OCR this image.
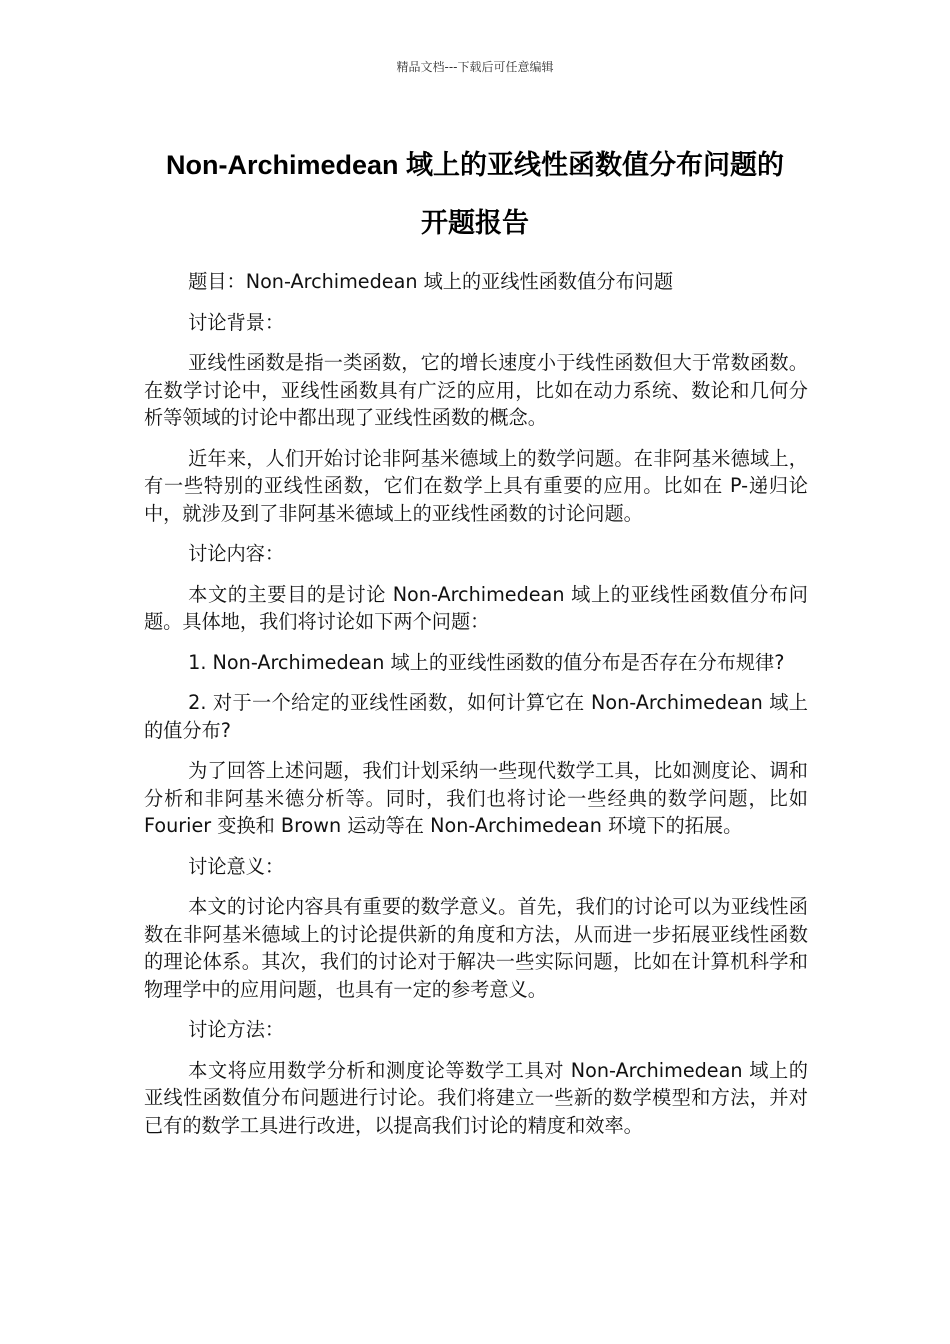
精品文档---下载后可任意编辑
Non-Archimedean 域上的亚线性函数值分布问题的
开题报告

题目：Non-Archimedean 域上的亚线性函数值分布问题

讨论背景：

亚线性函数是指一类函数，它的增长速度小于线性函数但大于常数函数。在数学讨论中，亚线性函数具有广泛的应用，比如在动力系统、数论和几何分析等领域的讨论中都出现了亚线性函数的概念。

近年来，人们开始讨论非阿基米德域上的数学问题。在非阿基米德域上，有一些特别的亚线性函数，它们在数学上具有重要的应用。比如在 P-递归论中，就涉及到了非阿基米德域上的亚线性函数的讨论问题。

讨论内容：

本文的主要目的是讨论 Non-Archimedean 域上的亚线性函数值分布问题。具体地，我们将讨论如下两个问题：

1. Non-Archimedean 域上的亚线性函数的值分布是否存在分布规律?

2. 对于一个给定的亚线性函数，如何计算它在 Non-Archimedean 域上的值分布?

为了回答上述问题，我们计划采纳一些现代数学工具，比如测度论、调和分析和非阿基米德分析等。同时，我们也将讨论一些经典的数学问题，比如 Fourier 变换和 Brown 运动等在 Non-Archimedean 环境下的拓展。

讨论意义：

本文的讨论内容具有重要的数学意义。首先，我们的讨论可以为亚线性函数在非阿基米德域上的讨论提供新的角度和方法，从而进一步拓展亚线性函数的理论体系。其次，我们的讨论对于解决一些实际问题，比如在计算机科学和物理学中的应用问题，也具有一定的参考意义。

讨论方法：

本文将应用数学分析和测度论等数学工具对 Non-Archimedean 域上的亚线性函数值分布问题进行讨论。我们将建立一些新的数学模型和方法，并对已有的数学工具进行改进，以提高我们讨论的精度和效率。
